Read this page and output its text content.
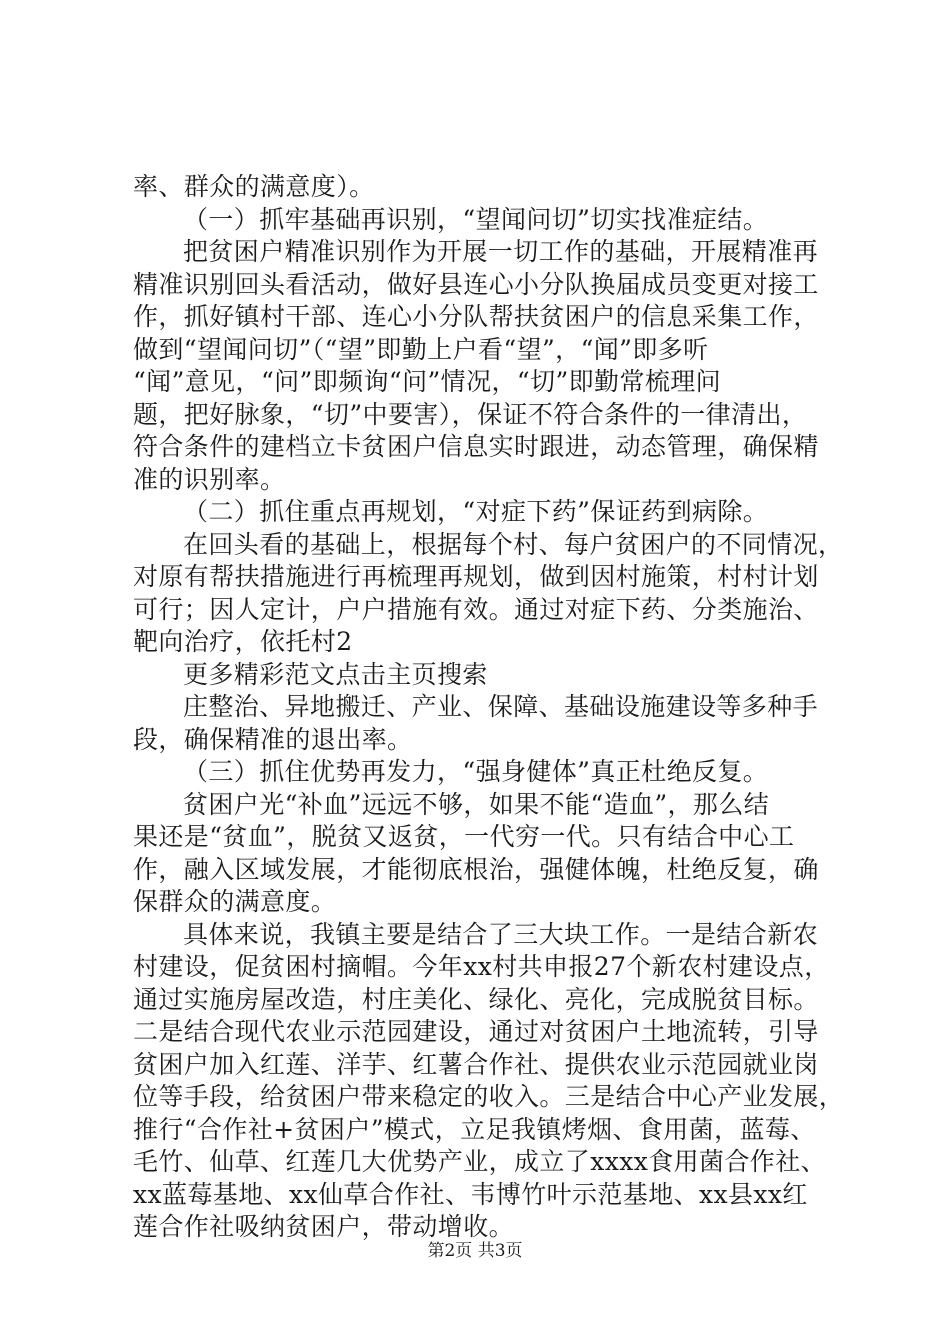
率、群众的满意度）。
（一）抓牢基础再识别，“望闻问切”切实找准症结。
把贫困户精准识别作为开展一切工作的基础，开展精准再
精准识别回头看活动，做好县连心小分队换届成员变更对接工
作，抓好镇村干部、连心小分队帮扶贫困户的信息采集工作，
做到“望闻问切”（“望”即勤上户看“望”，“闻”即多听
“闻”意见，“问”即频询“问”情况，“切”即勤常梳理问
题，把好脉象，“切”中要害），保证不符合条件的一律清出，
符合条件的建档立卡贫困户信息实时跟进，动态管理，确保精
准的识别率。
（二）抓住重点再规划，“对症下药”保证药到病除。
在回头看的基础上，根据每个村、每户贫困户的不同情况，
对原有帮扶措施进行再梳理再规划，做到因村施策，村村计划
可行；因人定计，户户措施有效。通过对症下药、分类施治、
靶向治疗，依托村2
更多精彩范文点击主页搜索
庄整治、异地搬迁、产业、保障、基础设施建设等多种手
段，确保精准的退出率。
（三）抓住优势再发力，“强身健体”真正杜绝反复。
贫困户光“补血”远远不够，如果不能“造血”，那么结
果还是“贫血”，脱贫又返贫，一代穷一代。只有结合中心工
作，融入区域发展，才能彻底根治，强健体魄，杜绝反复，确
保群众的满意度。
具体来说，我镇主要是结合了三大块工作。一是结合新农
村建设，促贫困村摘帽。今年xx村共申报27个新农村建设点，
通过实施房屋改造，村庄美化、绿化、亮化，完成脱贫目标。
二是结合现代农业示范园建设，通过对贫困户土地流转，引导
贫困户加入红莲、洋芋、红薯合作社、提供农业示范园就业岗
位等手段，给贫困户带来稳定的收入。三是结合中心产业发展，
推行“合作社+贫困户”模式，立足我镇烤烟、食用菌，蓝莓、
毛竹、仙草、红莲几大优势产业，成立了xxxx食用菌合作社、
xx蓝莓基地、xx仙草合作社、韦博竹叶示范基地、xx县xx红
莲合作社吸纳贫困户，带动增收。
第2页 共3页
